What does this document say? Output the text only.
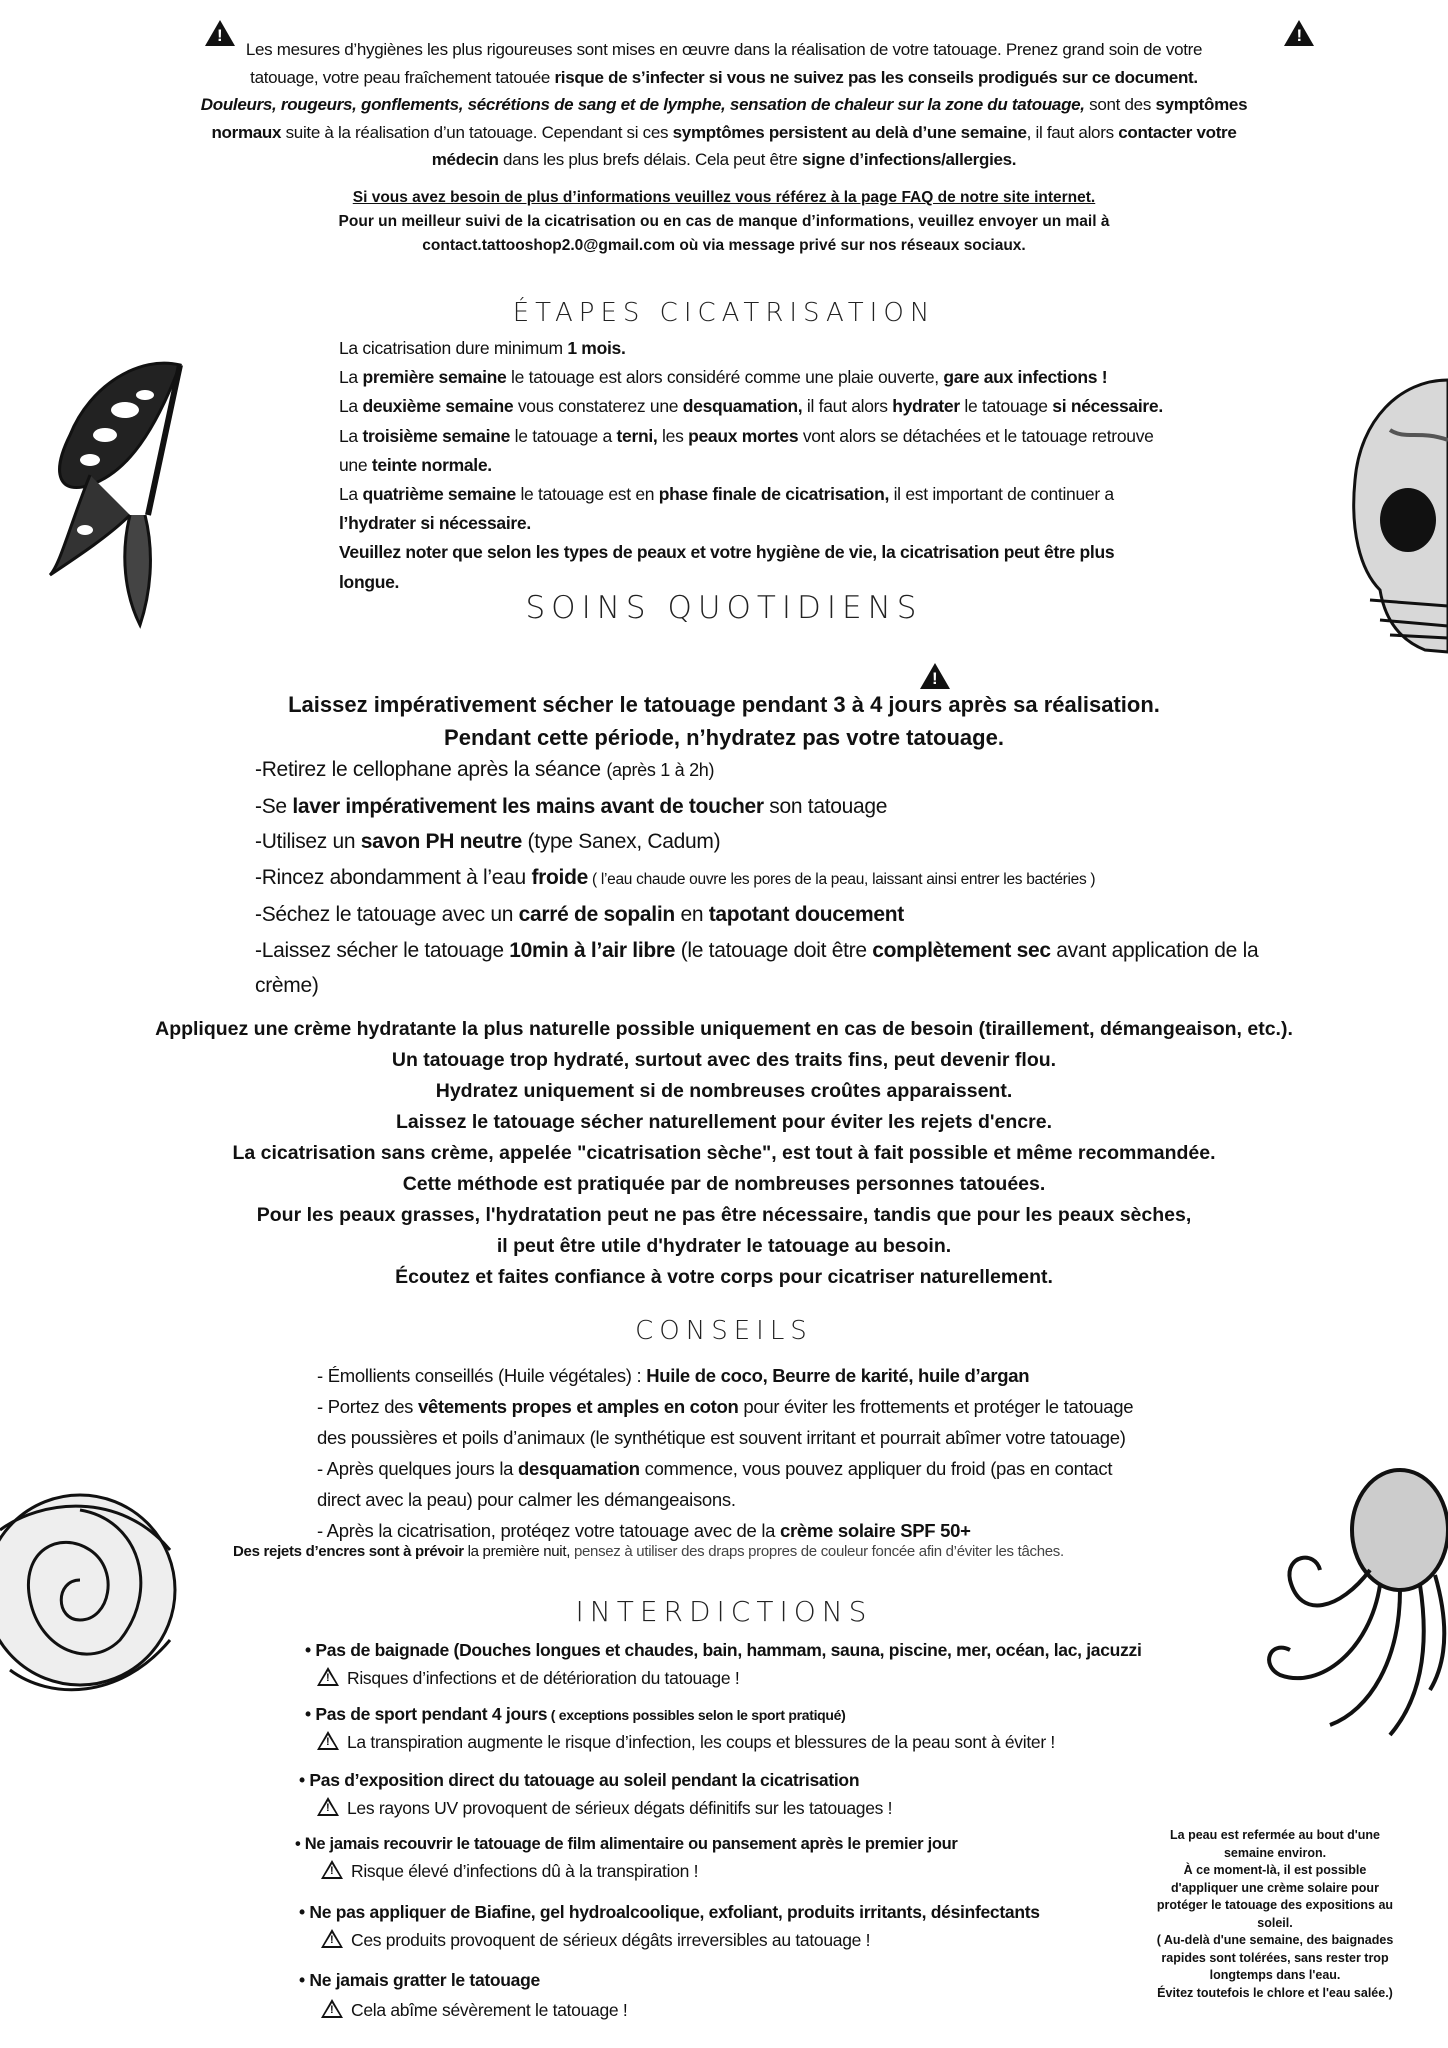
! !
Les mesures d’hygiènes les plus rigoureuses sont mises en œuvre dans la réalisation de votre tatouage. Prenez grand soin de votre
tatouage, votre peau fraîchement tatouée risque de s’infecter si vous ne suivez pas les conseils prodigués sur ce document.
Douleurs, rougeurs, gonflements, sécrétions de sang et de lymphe, sensation de chaleur sur la zone du tatouage, sont des symptômes
normaux suite à la réalisation d’un tatouage. Cependant si ces symptômes persistent au delà d’une semaine, il faut alors contacter votre
médecin dans les plus brefs délais. Cela peut être signe d’infections/allergies.
Si vous avez besoin de plus d’informations veuillez vous référez à la page FAQ de notre site internet.
Pour un meilleur suivi de la cicatrisation ou en cas de manque d’informations, veuillez envoyer un mail à
contact.tattooshop2.0@gmail.com où via message privé sur nos réseaux sociaux.
ÉTAPES CICATRISATION
La cicatrisation dure minimum 1 mois.
La première semaine le tatouage est alors considéré comme une plaie ouverte, gare aux infections !
La deuxième semaine vous constaterez une desquamation, il faut alors hydrater le tatouage si nécessaire.
La troisième semaine le tatouage a terni, les peaux mortes vont alors se détachées et le tatouage retrouve
une teinte normale.
La quatrième semaine le tatouage est en phase finale de cicatrisation, il est important de continuer a
l’hydrater si nécessaire.
Veuillez noter que selon les types de peaux et votre hygiène de vie, la cicatrisation peut être plus
longue.
SOINS QUOTIDIENS
!
Laissez impérativement sécher le tatouage pendant 3 à 4 jours après sa réalisation.
Pendant cette période, n’hydratez pas votre tatouage.
-Retirez le cellophane après la séance (après 1 à 2h)
-Se laver impérativement les mains avant de toucher son tatouage
-Utilisez un savon PH neutre (type Sanex, Cadum)
-Rincez abondamment à l’eau froide ( l’eau chaude ouvre les pores de la peau, laissant ainsi entrer les bactéries )
-Séchez le tatouage avec un carré de sopalin en tapotant doucement
-Laissez sécher le tatouage 10min à l’air libre (le tatouage doit être complètement sec avant application de la
crème)
Appliquez une crème hydratante la plus naturelle possible uniquement en cas de besoin (tiraillement, démangeaison, etc.).
Un tatouage trop hydraté, surtout avec des traits fins, peut devenir flou.
Hydratez uniquement si de nombreuses croûtes apparaissent.
Laissez le tatouage sécher naturellement pour éviter les rejets d'encre.
La cicatrisation sans crème, appelée "cicatrisation sèche", est tout à fait possible et même recommandée.
Cette méthode est pratiquée par de nombreuses personnes tatouées.
Pour les peaux grasses, l'hydratation peut ne pas être nécessaire, tandis que pour les peaux sèches,
il peut être utile d'hydrater le tatouage au besoin.
Écoutez et faites confiance à votre corps pour cicatriser naturellement.
CONSEILS
- Émollients conseillés (Huile végétales) : Huile de coco, Beurre de karité, huile d’argan
- Portez des vêtements propes et amples en coton pour éviter les frottements et protéger le tatouage
des poussières et poils d’animaux (le synthétique est souvent irritant et pourrait abîmer votre tatouage)
- Après quelques jours la desquamation commence, vous pouvez appliquer du froid (pas en contact
direct avec la peau) pour calmer les démangeaisons.
- Après la cicatrisation, protéqez votre tatouage avec de la crème solaire SPF 50+
Des rejets d’encres sont à prévoir la première nuit, pensez à utiliser des draps propres de couleur foncée afin d’éviter les tâches.
INTERDICTIONS
• Pas de baignade (Douches longues et chaudes, bain, hammam, sauna, piscine, mer, océan, lac, jacuzzi
!Risques d’infections et de détérioration du tatouage !
• Pas de sport pendant 4 jours ( exceptions possibles selon le sport pratiqué)
!La transpiration augmente le risque d’infection, les coups et blessures de la peau sont à éviter !
• Pas d’exposition direct du tatouage au soleil pendant la cicatrisation
!Les rayons UV provoquent de sérieux dégats définitifs sur les tatouages !
• Ne jamais recouvrir le tatouage de film alimentaire ou pansement après le premier jour
!Risque élevé d’infections dû à la transpiration !
• Ne pas appliquer de Biafine, gel hydroalcoolique, exfoliant, produits irritants, désinfectants
!Ces produits provoquent de sérieux dégâts irreversibles au tatouage !
• Ne jamais gratter le tatouage
!Cela abîme sévèrement le tatouage !
La peau est refermée au bout d'une
semaine environ.
À ce moment-là, il est possible
d'appliquer une crème solaire pour
protéger le tatouage des expositions au
soleil.
( Au-delà d'une semaine, des baignades
rapides sont tolérées, sans rester trop
longtemps dans l'eau.
Évitez toutefois le chlore et l'eau salée.)
